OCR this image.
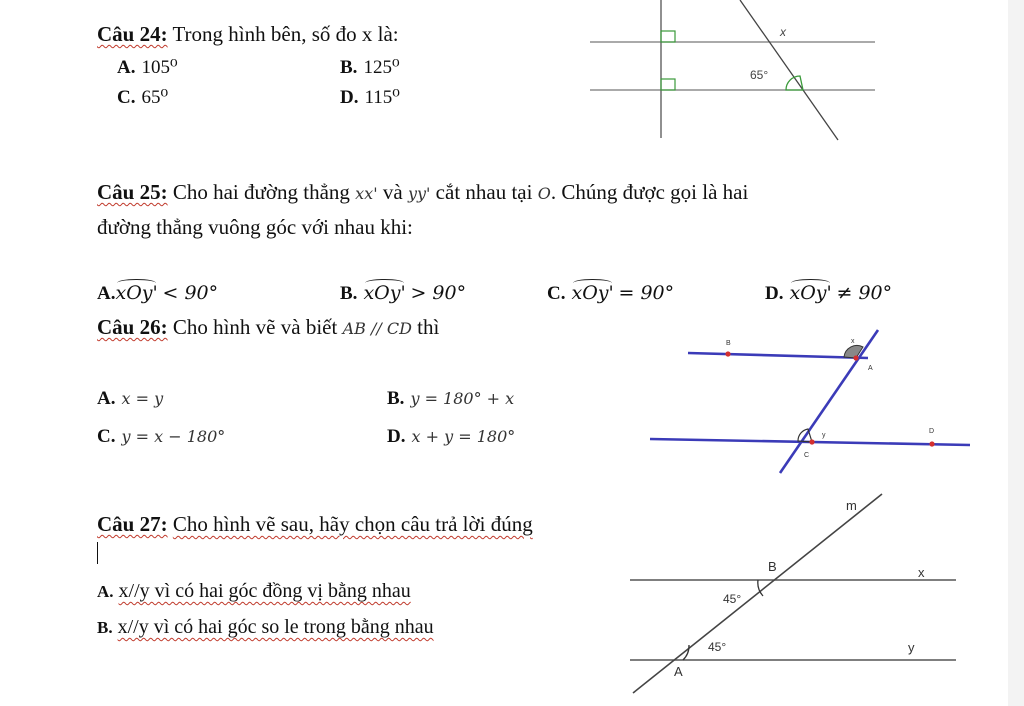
Câu 24: Trong hình bên, số đo x là:
A. 105⁰	B. 125⁰
C. 65⁰	D. 115⁰
65°
x
Câu 25: Cho hai đường thẳng xx' và yy' cắt nhau tại O. Chúng được gọi là hai
đường thẳng vuông góc với nhau khi:
A.xOy' < 90°	B. xOy' > 90°	C. xOy' = 90°	D. xOy' ≠ 90°
Câu 26: Cho hình vẽ và biết AB // CD thì
A. x = y	B. y = 180° + x
C. y = x − 180°	D. x + y = 180°
B
A
C
D
x
y
Câu 27: Cho hình vẽ sau, hãy chọn câu trả lời đúng
A. x//y vì có hai góc đồng vị bằng nhau
B. x//y vì có hai góc so le trong bằng nhau
m
B
A
x
y
45°
45°
